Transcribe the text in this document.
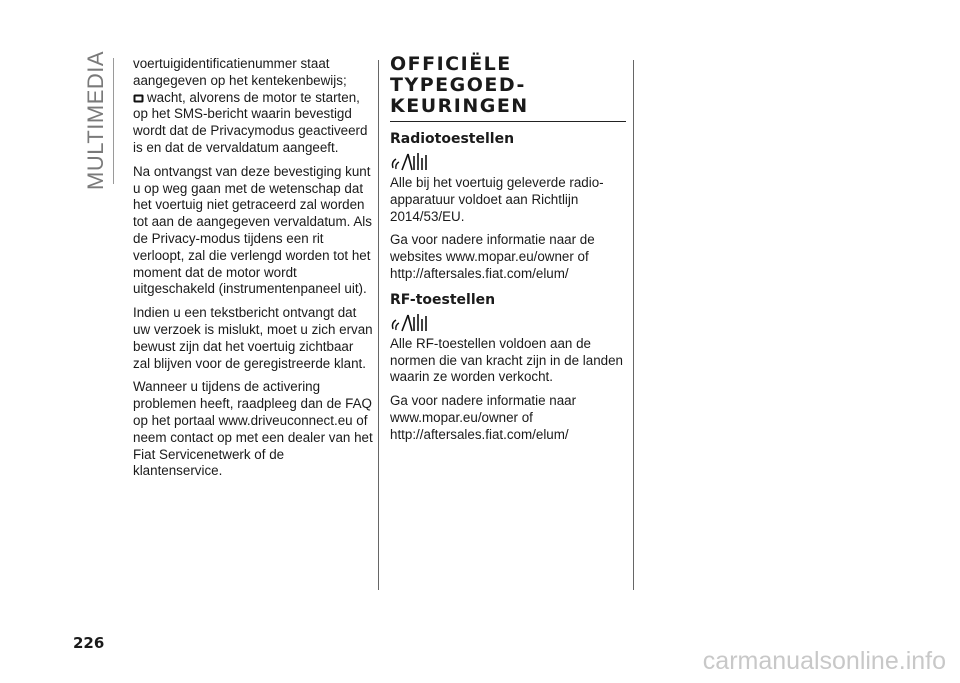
MULTIMEDIA voertuigidentificatienummer staat aangegeven op het kentekenbewijs;
wacht, alvorens de motor te starten, op het SMS-bericht waarin bevestigd wordt dat de Privacymodus geactiveerd is en dat de vervaldatum aangeeft.

Na ontvangst van deze bevestiging kunt u op weg gaan met de wetenschap dat het voertuig niet getraceerd zal worden tot aan de aangegeven vervaldatum. Als de Privacy-modus tijdens een rit verloopt, zal die verlengd worden tot het moment dat de motor wordt uitgeschakeld (instrumentenpaneel uit).

Indien u een tekstbericht ontvangt dat uw verzoek is mislukt, moet u zich ervan bewust zijn dat het voertuig zichtbaar zal blijven voor de geregistreerde klant.

Wanneer u tijdens de activering problemen heeft, raadpleeg dan de FAQ op het portaal www.driveuconnect.eu of neem contact op met een dealer van het Fiat Servicenetwerk of de klantenservice.

OFFICIËLE
TYPEGOED-
KEURINGEN
Radiotoestellen

Alle bij het voertuig geleverde radio-apparatuur voldoet aan Richtlijn 2014/53/EU.

Ga voor nadere informatie naar de websites www.mopar.eu/owner of http://aftersales.fiat.com/elum/

RF-toestellen

Alle RF-toestellen voldoen aan de normen die van kracht zijn in de landen waarin ze worden verkocht.

Ga voor nadere informatie naar www.mopar.eu/owner of http://aftersales.fiat.com/elum/

226
carmanualsonline.info
